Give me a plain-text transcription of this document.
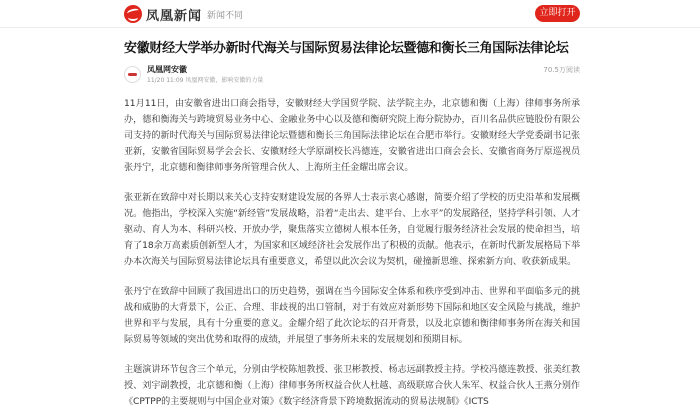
凤凰新闻 新闻不同	立即打开
安徽财经大学举办新时代海关与国际贸易法律论坛暨德和衡长三角国际法律论坛
凤凰网安徽
11/20 11:09 凤凰网安徽，影响安徽的力量
70.5万阅读

11月11日，由安徽省进出口商会指导，安徽财经大学国贸学院、法学院主办，北京德和衡（上海）律师事务所承办，德和衡海关与跨境贸易业务中心、金融业务中心以及德和衡研究院上海分院协办，百川名品供应链股份有限公司支持的新时代海关与国际贸易法律论坛暨德和衡长三角国际法律论坛在合肥市举行。安徽财经大学党委副书记张亚新，安徽省国际贸易学会会长、安徽财经大学原副校长冯德连，安徽省进出口商会会长、安徽省商务厅原巡视员张丹宁，北京德和衡律师事务所管理合伙人、上海所主任金耀出席会议。

张亚新在致辞中对长期以来关心支持安财建设发展的各界人士表示衷心感谢，简要介绍了学校的历史沿革和发展概况。他指出，学校深入实施“新经管”发展战略，沿着“走出去、建平台、上水平”的发展路径，坚持学科引领、人才驱动、育人为本、科研兴校、开放办学，聚焦落实立德树人根本任务，自觉履行服务经济社会发展的使命担当，培育了18余万高素质创新型人才，为国家和区域经济社会发展作出了积极的贡献。他表示，在新时代新发展格局下举办本次海关与国际贸易法律论坛具有重要意义，希望以此次会议为契机，碰撞新思维、探索新方向、收获新成果。

张丹宁在致辞中回顾了我国进出口的历史趋势，强调在当今国际安全体系和秩序受到冲击、世界和平面临多元的挑战和威胁的大背景下，公正、合理、非歧视的出口管制，对于有效应对新形势下国际和地区安全风险与挑战，维护世界和平与发展，具有十分重要的意义。金耀介绍了此次论坛的召开背景，以及北京德和衡律师事务所在海关和国际贸易等领域的突出优势和取得的成绩，并展望了事务所未来的发展规划和预期目标。

主题演讲环节包含三个单元，分别由学校陈旭教授、张卫彬教授、杨志远副教授主持。学校冯德连教授、张美红教授、刘宇副教授，北京德和衡（上海）律师事务所权益合伙人杜越、高级联席合伙人朱军、权益合伙人王燕分别作《CPTPP的主要规则与中国企业对策》《数字经济背景下跨境数据流动的贸易法规制》《ICTS
